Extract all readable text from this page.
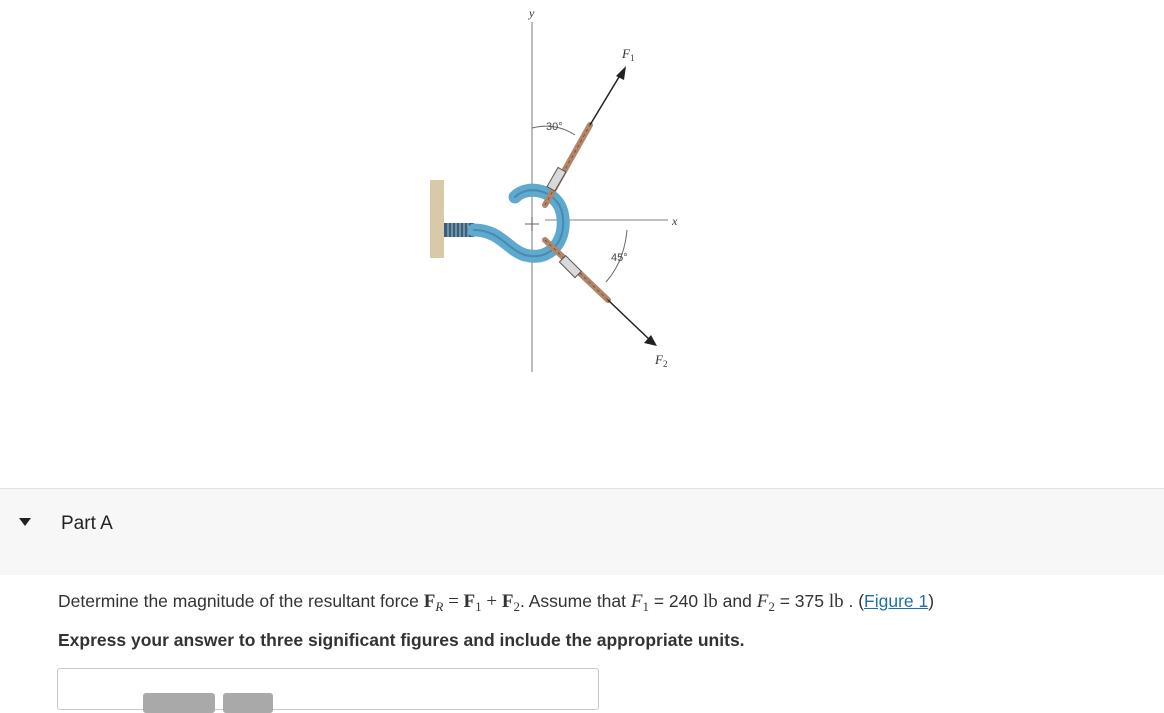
y
x
$F_1$
$F_2$
30°
45°
Part A
Determine the magnitude of the resultant force $F_R = F_1 + F_2$. Assume that $F_1 = 240$ lb and $F_2 = 375$ lb . (Figure 1)
Express your answer to three significant figures and include the appropriate units.
